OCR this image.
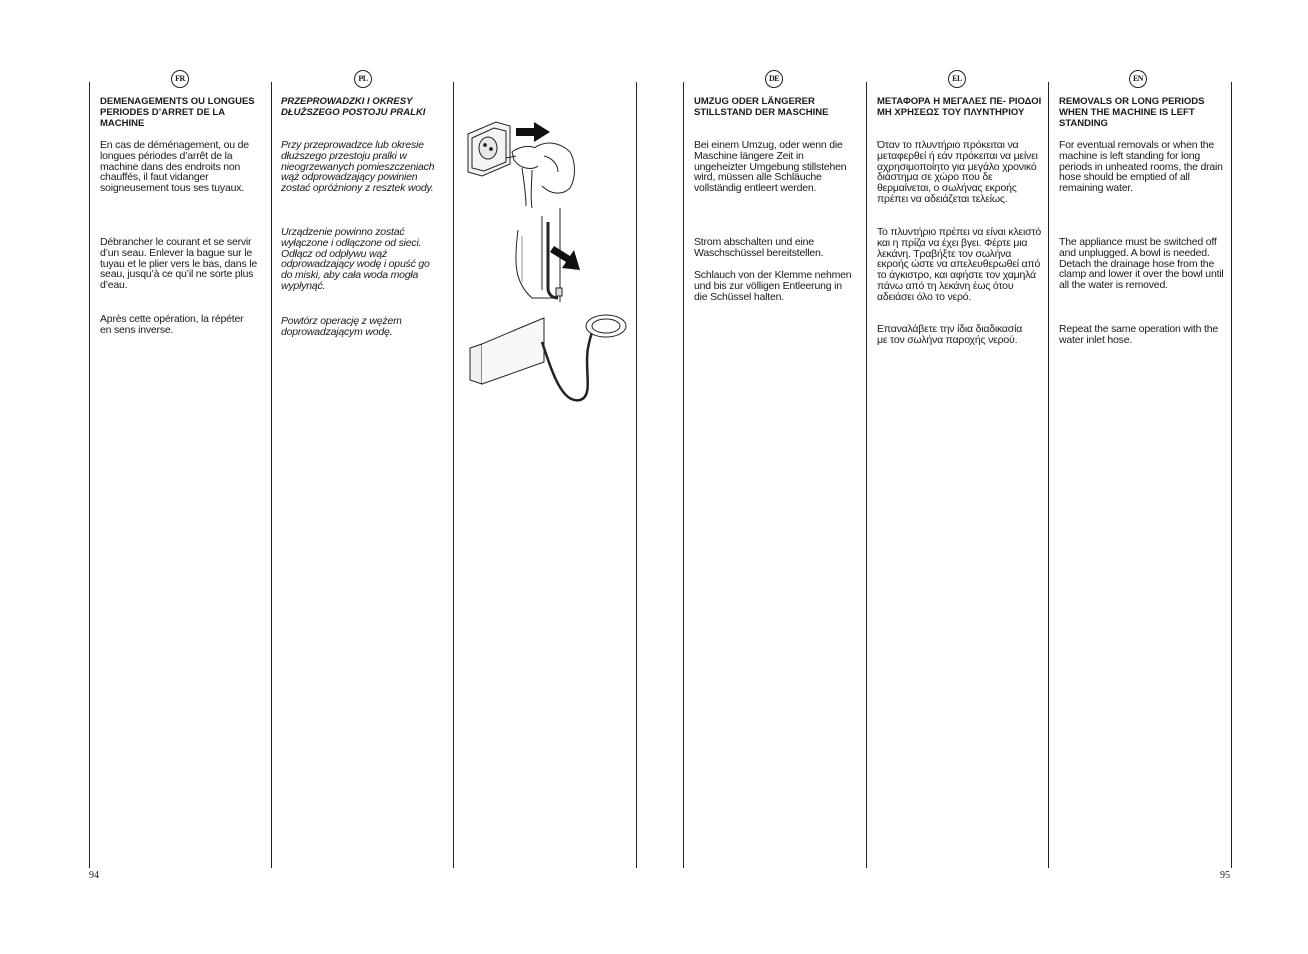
FR
DEMENAGEMENTS OU LONGUES PERIODES D’ARRET DE LA MACHINE
En cas de déménagement, ou de longues périodes d’arrêt de la machine dans des endroits non chauffés, il faut vidanger soigneusement tous ses tuyaux.
Débrancher le courant et se servir d’un seau. Enlever la bague sur le tuyau et le plier vers le bas, dans le seau, jusqu’à ce qu’il ne sorte plus d’eau.
Après cette opération, la répéter en sens inverse.
PL
PRZEPROWADZKI I OKRESY DŁUŻSZEGO POSTOJU PRALKI
Przy przeprowadzce lub okresie dłuższego przestoju pralki w nieogrzewanych pomieszczeniach wąż odprowadzający powinien zostać opróżniony z resztek wody.
Urządzenie powinno zostać wyłączone i odłączone od sieci. Odłącz od odpływu wąż odprowadzający wodę i opuść go do miski, aby cała woda mogła wypłynąć.
Powtórz operację z wężem doprowadzającym wodę.
94
DE
UMZUG ODER LÄNGERER STILLSTAND DER MASCHINE
Bei einem Umzug, oder wenn die Maschine längere Zeit in ungeheizter Umgebung stillstehen wird, müssen alle Schläuche vollständig entleert werden.
Strom abschalten und eine Waschschüssel bereitstellen.
Schlauch von der Klemme nehmen und bis zur völligen Entleerung in die Schüssel halten.
EL
ΜΕΤΑΦΟΡΑ Η ΜΕΓΑΛΕΣ ΠΕ- ΡΙΟΔΟΙ ΜΗ ΧΡΗΣΕΩΣ ΤΟΥ ΠΛΥΝΤΗΡΙΟΥ
Όταν το πλυντήριο πρόκειται να μεταφερθεί ή εάν πρόκειται να μείνει αχρησιμοποίητο για μεγάλο χρονικό διάστημα σε χώρο που δε θερμαίνεται, ο σωλήνας εκροής πρέπει να αδειάζεται τελείως.
Το πλυντήριο πρέπει να είναι κλειστό και η πρίζα να έχει βγει. Φέρτε μια λεκάνη. Τραβήξτε τον σωλήνα εκροής ώστε να απελευθερωθεί από το άγκιστρο, και αφήστε τον χαμηλά πάνω από τη λεκάνη έως ότου αδειάσει όλο το νερό.
Επαναλάβετε την ίδια διαδικασία με τον σωλήνα παροχής νερού.
EN
REMOVALS OR LONG PERIODS WHEN THE MACHINE IS LEFT STANDING
For eventual removals or when the machine is left standing for long periods in unheated rooms, the drain hose should be emptied of all remaining water.
The appliance must be switched off and unplugged. A bowl is needed. Detach the drainage hose from the clamp and lower it over the bowl until all the water is removed.
Repeat the same operation with the water inlet hose.
95
